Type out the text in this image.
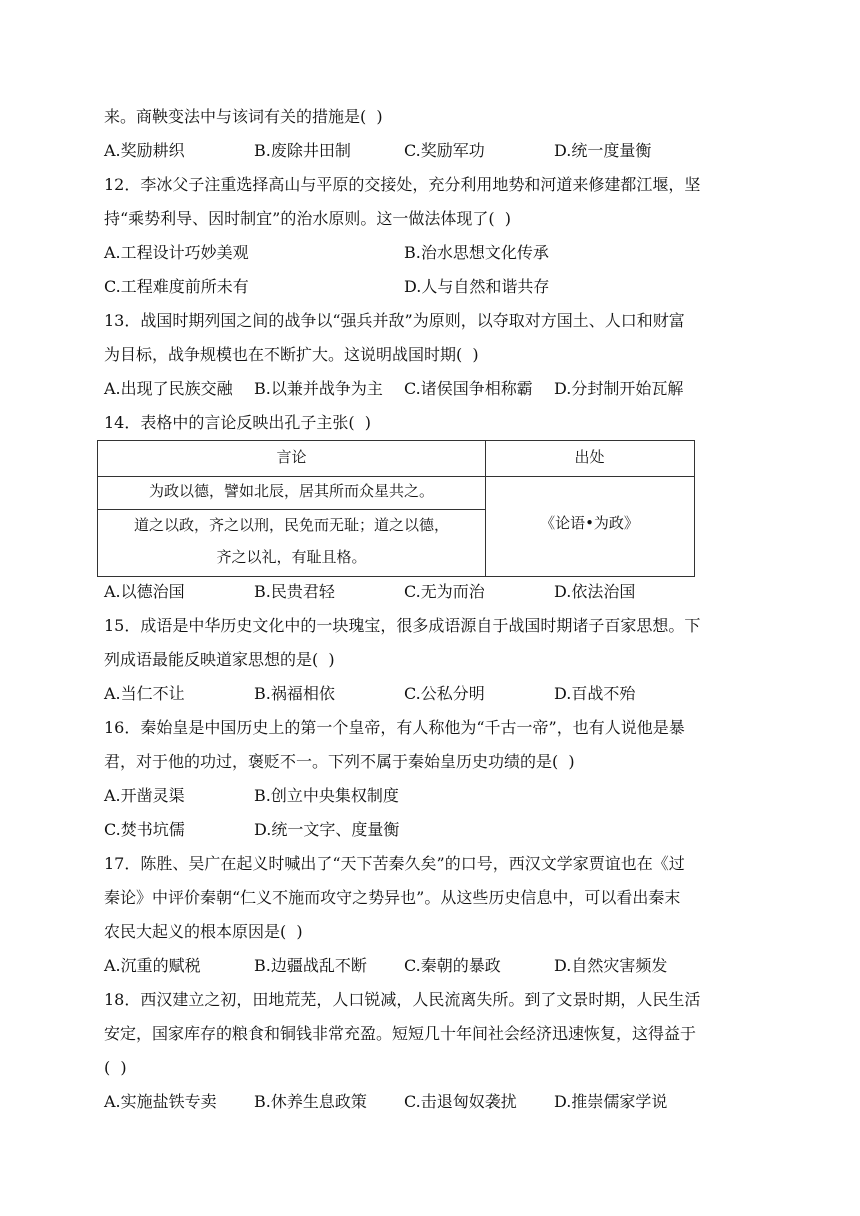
来。商鞅变法中与该词有关的措施是(  )
A.奖励耕织	B.废除井田制	C.奖励军功	D.统一度量衡
12．李冰父子注重选择高山与平原的交接处，充分利用地势和河道来修建都江堰，坚
持“乘势利导、因时制宜”的治水原则。这一做法体现了(  )
A.工程设计巧妙美观	B.治水思想文化传承
C.工程难度前所未有	D.人与自然和谐共存
13．战国时期列国之间的战争以“强兵并敌”为原则，以夺取对方国土、人口和财富
为目标，战争规模也在不断扩大。这说明战国时期(  )
A.出现了民族交融 B.以兼并战争为主 C.诸侯国争相称霸 D.分封制开始瓦解
14．表格中的言论反映出孔子主张(  )
言论	出处
为政以德，譬如北辰，居其所而众星共之。
道之以政，齐之以刑，民免而无耻；道之以德，
齐之以礼，有耻且格。
《论语•为政》
A.以德治国	B.民贵君轻	C.无为而治	D.依法治国
15．成语是中华历史文化中的一块瑰宝，很多成语源自于战国时期诸子百家思想。下
列成语最能反映道家思想的是(  )
A.当仁不让	B.祸福相依	C.公私分明	D.百战不殆
16．秦始皇是中国历史上的第一个皇帝，有人称他为“千古一帝”，也有人说他是暴
君，对于他的功过，褒贬不一。下列不属于秦始皇历史功绩的是(  )
A.开凿灵渠	B.创立中央集权制度
C.焚书坑儒	D.统一文字、度量衡
17．陈胜、吴广在起义时喊出了“天下苦秦久矣”的口号，西汉文学家贾谊也在《过
秦论》中评价秦朝“仁义不施而攻守之势异也”。从这些历史信息中，可以看出秦末
农民大起义的根本原因是(  )
A.沉重的赋税	B.边疆战乱不断 C.秦朝的暴政	D.自然灾害频发
18．西汉建立之初，田地荒芜，人口锐减，人民流离失所。到了文景时期，人民生活
安定，国家库存的粮食和铜钱非常充盈。短短几十年间社会经济迅速恢复，这得益于
(  )
A.实施盐铁专卖 B.休养生息政策 C.击退匈奴袭扰 D.推崇儒家学说
